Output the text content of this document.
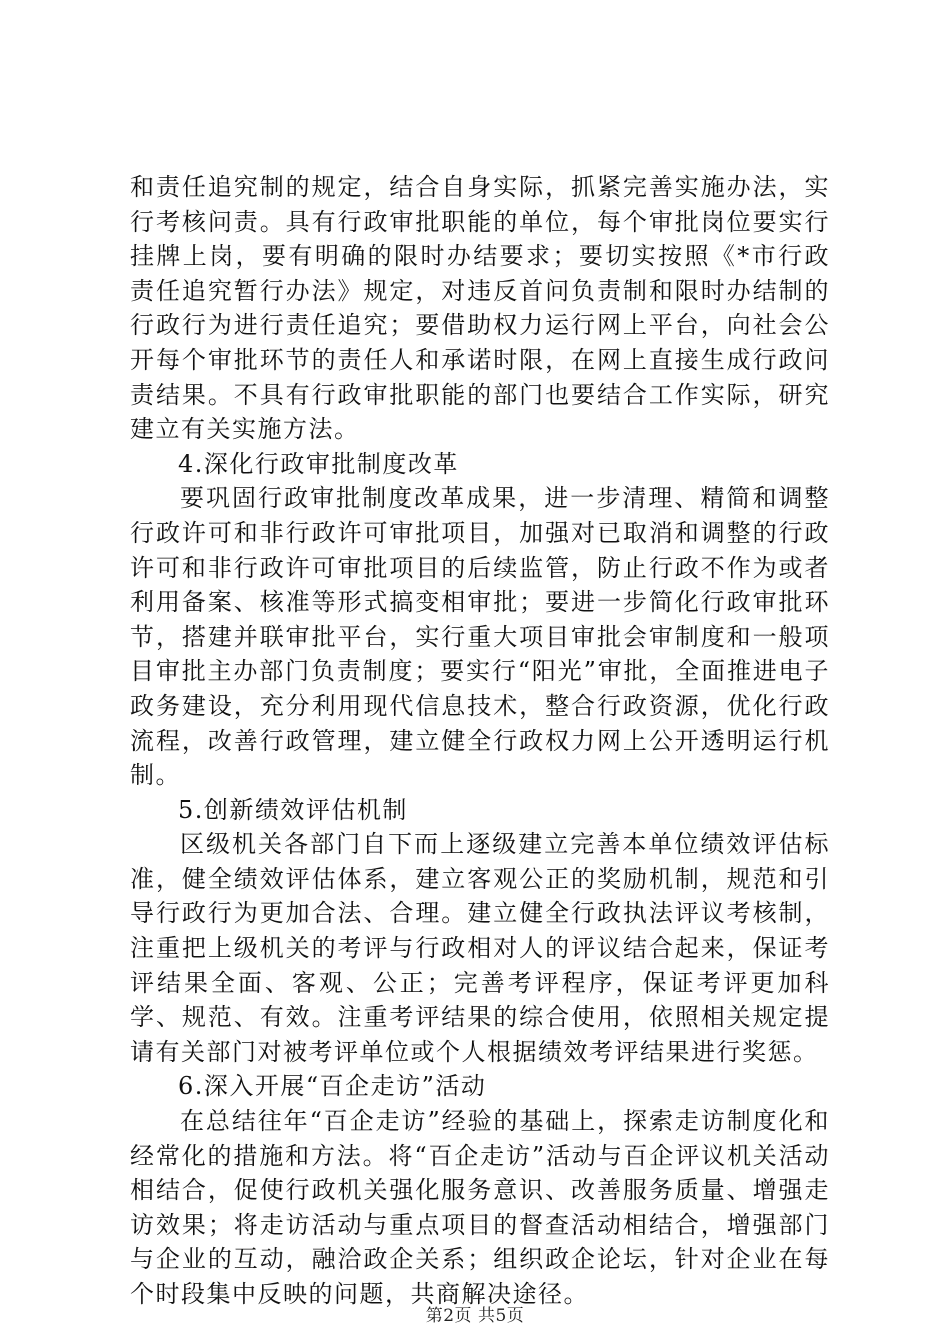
和责任追究制的规定，结合自身实际，抓紧完善实施办法，实行考核问责。具有行政审批职能的单位，每个审批岗位要实行挂牌上岗，要有明确的限时办结要求；要切实按照《*市行政责任追究暂行办法》规定，对违反首问负责制和限时办结制的行政行为进行责任追究；要借助权力运行网上平台，向社会公开每个审批环节的责任人和承诺时限，在网上直接生成行政问责结果。不具有行政审批职能的部门也要结合工作实际，研究建立有关实施方法。

4.深化行政审批制度改革

要巩固行政审批制度改革成果，进一步清理、精简和调整行政许可和非行政许可审批项目，加强对已取消和调整的行政许可和非行政许可审批项目的后续监管，防止行政不作为或者利用备案、核准等形式搞变相审批；要进一步简化行政审批环节，搭建并联审批平台，实行重大项目审批会审制度和一般项目审批主办部门负责制度；要实行“阳光”审批，全面推进电子政务建设，充分利用现代信息技术，整合行政资源，优化行政流程，改善行政管理，建立健全行政权力网上公开透明运行机制。

5.创新绩效评估机制

区级机关各部门自下而上逐级建立完善本单位绩效评估标准，健全绩效评估体系，建立客观公正的奖励机制，规范和引导行政行为更加合法、合理。建立健全行政执法评议考核制，注重把上级机关的考评与行政相对人的评议结合起来，保证考评结果全面、客观、公正；完善考评程序，保证考评更加科学、规范、有效。注重考评结果的综合使用，依照相关规定提请有关部门对被考评单位或个人根据绩效考评结果进行奖惩。

6.深入开展“百企走访”活动

在总结往年“百企走访”经验的基础上，探索走访制度化和经常化的措施和方法。将“百企走访”活动与百企评议机关活动相结合，促使行政机关强化服务意识、改善服务质量、增强走访效果；将走访活动与重点项目的督查活动相结合，增强部门与企业的互动，融洽政企关系；组织政企论坛，针对企业在每个时段集中反映的问题，共商解决途径。

第2页 共5页
